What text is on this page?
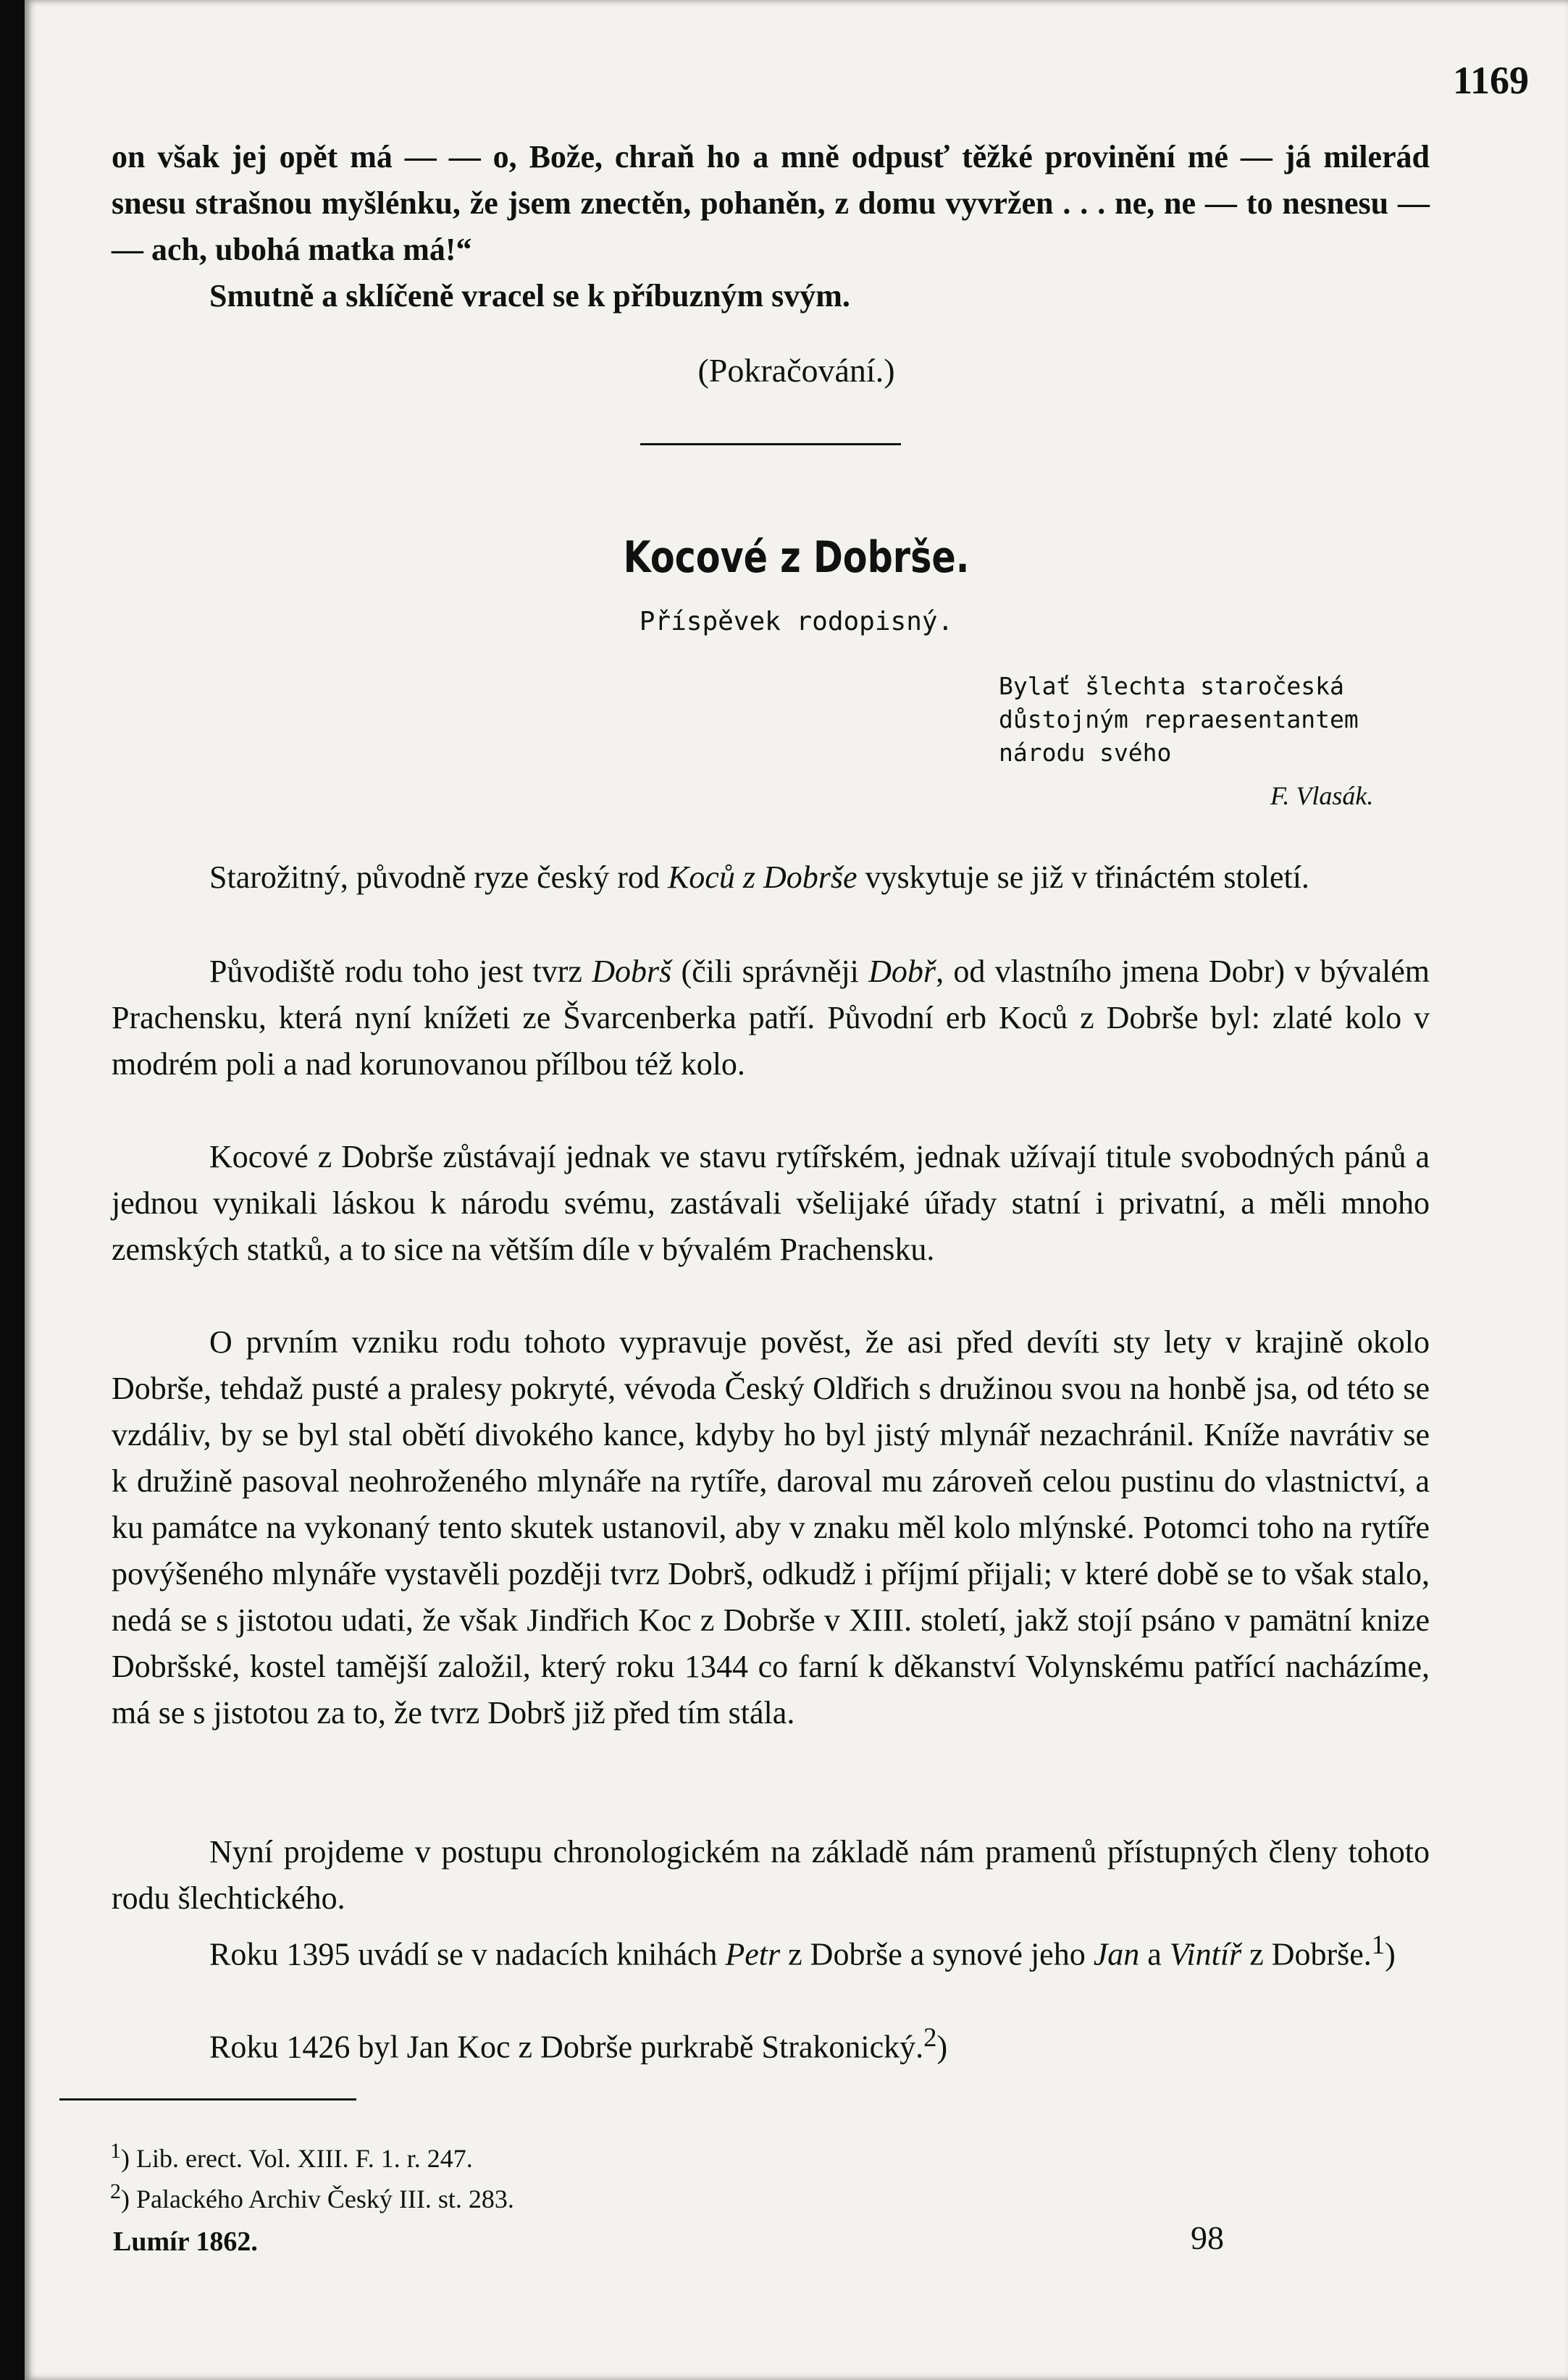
1169
on však jej opět má — — o, Bože, chraň ho a mně odpusť těžké provinění mé — já milerád snesu strašnou myšlénku, že jsem znectěn, pohaněn, z domu vyvržen . . . ne, ne — to nesnesu — — ach, ubohá matka má!“
Smutně a sklíčeně vracel se k příbuzným svým.
(Pokračování.)
Kocové z Dobrše.
Příspěvek rodopisný.
Bylať šlechta staročeská důstojným repraesentantem národu svého
F. Vlasák.

Starožitný, původně ryze český rod Koců z Dobrše vyskytuje se již v třináctém století.

Původiště rodu toho jest tvrz Dobrš (čili správněji Dobř, od vlastního jmena Dobr) v bývalém Prachensku, která nyní knížeti ze Švarcenberka patří. Původní erb Koců z Dobrše byl: zlaté kolo v modrém poli a nad korunovanou přílbou též kolo.

Kocové z Dobrše zůstávají jednak ve stavu rytířském, jednak užívají titule svobodných pánů a jednou vynikali láskou k národu svému, zastávali všelijaké úřady statní i privatní, a měli mnoho zemských statků, a to sice na větším díle v bývalém Prachensku.

O prvním vzniku rodu tohoto vypravuje pověst, že asi před devíti sty lety v krajině okolo Dobrše, tehdaž pusté a pralesy pokryté, vévoda Český Oldřich s družinou svou na honbě jsa, od této se vzdáliv, by se byl stal obětí divokého kance, kdyby ho byl jistý mlynář nezachránil. Kníže navrátiv se k družině pasoval neohroženého mlynáře na rytíře, daroval mu zároveň celou pustinu do vlastnictví, a ku památce na vykonaný tento skutek ustanovil, aby v znaku měl kolo mlýnské. Potomci toho na rytíře povýšeného mlynáře vystavěli později tvrz Dobrš, odkudž i příjmí přijali; v které době se to však stalo, nedá se s jistotou udati, že však Jindřich Koc z Dobrše v XIII. století, jakž stojí psáno v pamätní knize Dobršské, kostel tamější založil, který roku 1344 co farní k děkanství Volynskému patřící nacházíme, má se s jistotou za to, že tvrz Dobrš již před tím stála.

Nyní projdeme v postupu chronologickém na základě nám pramenů přístupných členy tohoto rodu šlechtického.

Roku 1395 uvádí se v nadacích knihách Petr z Dobrše a synové jeho Jan a Vintíř z Dobrše.$^1$)

Roku 1426 byl Jan Koc z Dobrše purkrabě Strakonický.$^2$)

$^1$) Lib. erect. Vol. XIII. F. 1. r. 247.
$^2$) Palackého Archiv Český III. st. 283.
Lumír 1862.	98
